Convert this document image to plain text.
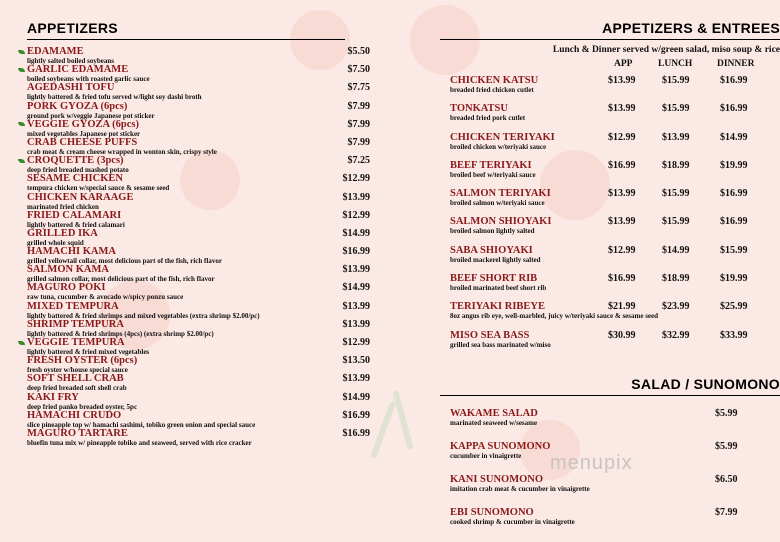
APPETIZERS
EDAMAME
lightly salted boiled soybeans
$5.50
GARLIC EDAMAME
boiled soybeans with roasted garlic sauce
$7.50
AGEDASHI TOFU
lightly battered & fried tofu served w/light soy dashi broth
$7.75
PORK GYOZA (6pcs)
ground pork w/veggie Japanese pot sticker
$7.99
VEGGIE GYOZA (6pcs)
mixed vegetables Japanese pot sticker
$7.99
CRAB CHEESE PUFFS
crab meat & cream cheese wrapped in wonton skin, crispy style
$7.99
CROQUETTE (3pcs)
deep fried breaded mashed potato
$7.25
SESAME CHICKEN
tempura chicken w/special sauce & sesame seed
$12.99
CHICKEN KARAAGE
marinated fried chicken
$13.99
FRIED CALAMARI
lightly battered & fried calamari
$12.99
GRILLED IKA
grilled whole squid
$14.99
HAMACHI KAMA
grilled yellowtail collar, most delicious part of the fish, rich flavor
$16.99
SALMON KAMA
grilled salmon collar, most delicious part of the fish, rich flavor
$13.99
MAGURO POKI
raw tuna, cucumber & avocado w/spicy ponzu sauce
$14.99
MIXED TEMPURA
lightly battered & fried shrimps and mixed vegetables (extra shrimp $2.00/pc)
$13.99
SHRIMP TEMPURA
lightly battered & fried shrimps (4pcs) (extra shrimp $2.00/pc)
$13.99
VEGGIE TEMPURA
lightly battered & fried mixed vegetables
$12.99
FRESH OYSTER (6pcs)
fresh oyster w/house special sauce
$13.50
SOFT SHELL CRAB
deep fried breaded soft shell crab
$13.99
KAKI FRY
deep fried panko breaded oyster, 5pc
$14.99
HAMACHI CRUDO
slice pineapple top w/ hamachi sashimi, tobiko green onion and special sauce
$16.99
MAGURO TARTARE
bluefin tuna mix w/ pineapple tobiko and seaweed, served with rice cracker
$16.99
APPETIZERS & ENTREES
Lunch & Dinner served w/green salad, miso soup & rice
APP	LUNCH	DINNER
CHICKEN KATSU
breaded fried chicken cutlet
$13.99	$15.99	$16.99
TONKATSU
breaded fried pork cutlet
$13.99	$15.99	$16.99
CHICKEN TERIYAKI
broiled chicken w/teriyaki sauce
$12.99	$13.99	$14.99
BEEF TERIYAKI
broiled beef w/teriyaki sauce
$16.99	$18.99	$19.99
SALMON TERIYAKI
broiled salmon w/teriyaki sauce
$13.99	$15.99	$16.99
SALMON SHIOYAKI
broiled salmon lightly salted
$13.99	$15.99	$16.99
SABA SHIOYAKI
broiled mackerel lightly salted
$12.99	$14.99	$15.99
BEEF SHORT RIB
broiled marinated beef short rib
$16.99	$18.99	$19.99
TERIYAKI RIBEYE
8oz angus rib eye, well-marbled, juicy w/teriyaki sauce & sesame seed
$21.99	$23.99	$25.99
MISO SEA BASS
grilled sea bass marinated w/miso
$30.99	$32.99	$33.99
SALAD / SUNOMONO
WAKAME SALAD
marinated seaweed w/sesame
$5.99
KAPPA SUNOMONO
cucumber in vinaigrette
$5.99
KANI SUNOMONO
imitation crab meat & cucumber in vinaigrette
$6.50
EBI SUNOMONO
cooked shrimp & cucumber in vinaigrette
$7.99
menupix
